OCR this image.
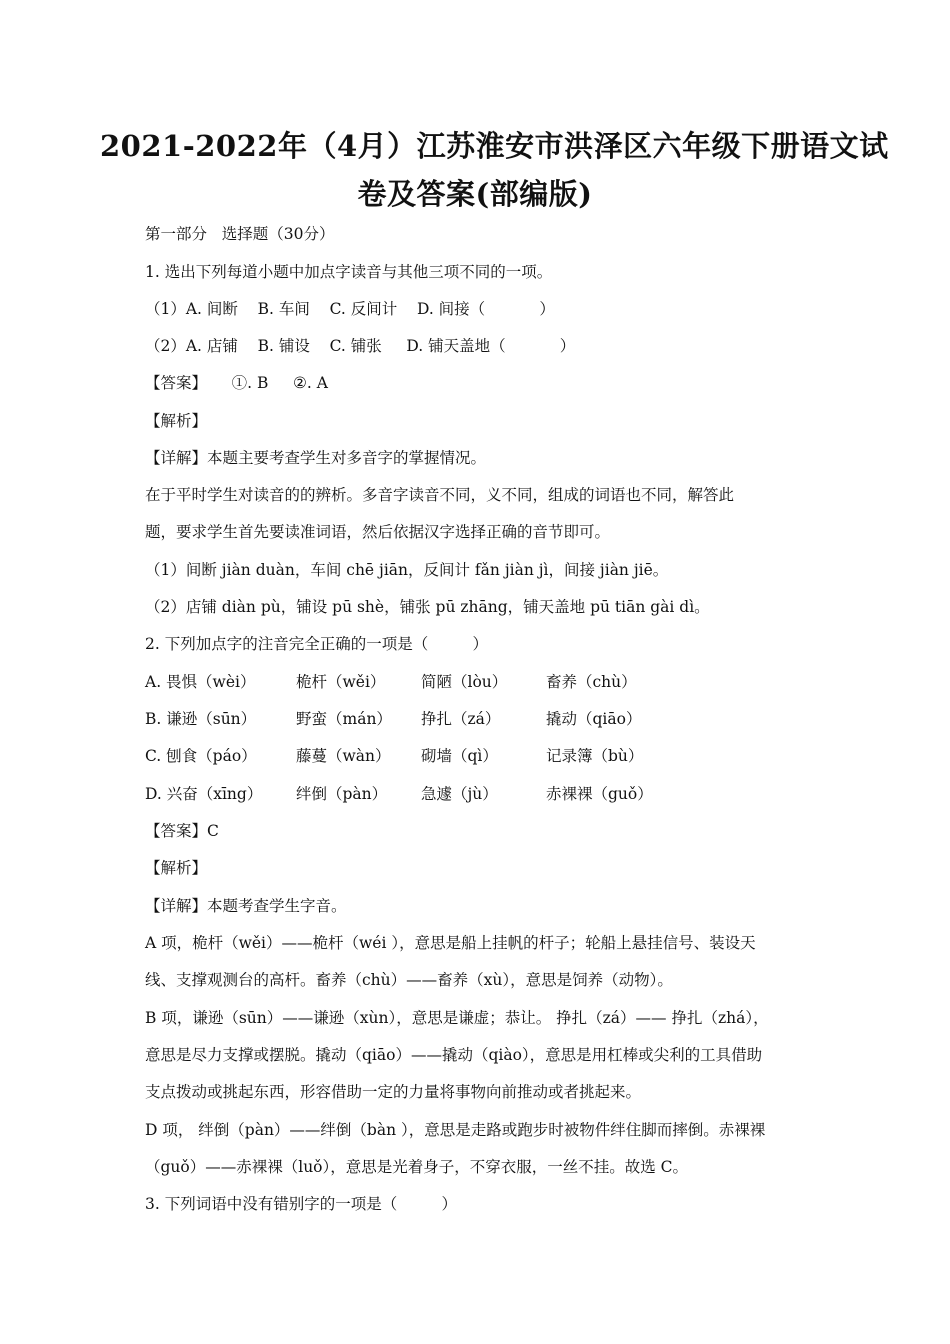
2021-2022年（4月）江苏淮安市洪泽区六年级下册语文试
卷及答案(部编版)
第一部分   选择题（30分）
1. 选出下列每道小题中加点字读音与其他三项不同的一项。
（1）A. 间断    B. 车间    C. 反间计    D. 间接（           ）
（2）A. 店铺    B. 铺设    C. 铺张     D. 铺天盖地（           ）
【答案】     ①. B     ②. A
【解析】
【详解】本题主要考查学生对多音字的掌握情况。
在于平时学生对读音的的辨析。多音字读音不同，义不同，组成的词语也不同，解答此
题，要求学生首先要读准词语，然后依据汉字选择正确的音节即可。
（1）间断 jiàn duàn，车间 chē jiān，反间计 fǎn jiàn jì，间接 jiàn jiē。
（2）店铺 diàn pù，铺设 pū shè，铺张 pū zhāng，铺天盖地 pū tiān gài dì。
2. 下列加点字的注音完全正确的一项是（         ）
A. 畏惧（wèi）	桅杆（wěi） 简陋（lòu） 畜养（chù）
B. 谦逊（sūn）	野蛮（mán） 挣扎（zá）	撬动（qiāo）
C. 刨食（páo）	藤蔓（wàn） 砌墙（qì）	记录簿（bù）
D. 兴奋（xīng） 绊倒（pàn） 急遽（jù）	赤裸裸（guǒ）
【答案】C
【解析】
【详解】本题考查学生字音。
A 项，桅杆（wěi）——桅杆（wéi ），意思是船上挂帆的杆子；轮船上悬挂信号、装设天
线、支撑观测台的高杆。畜养（chù）——畜养（xù），意思是饲养（动物）。
B 项，谦逊（sūn）——谦逊（xùn），意思是谦虚；恭让。 挣扎（zá）—— 挣扎（zhá），
意思是尽力支撑或摆脱。撬动（qiāo）——撬动（qiào），意思是用杠棒或尖利的工具借助
支点拨动或挑起东西，形容借助一定的力量将事物向前推动或者挑起来。
D 项， 绊倒（pàn）——绊倒（bàn ），意思是走路或跑步时被物件绊住脚而摔倒。赤裸裸
（guǒ）——赤裸裸（luǒ），意思是光着身子，不穿衣服，一丝不挂。故选 C。
3. 下列词语中没有错别字的一项是（         ）
